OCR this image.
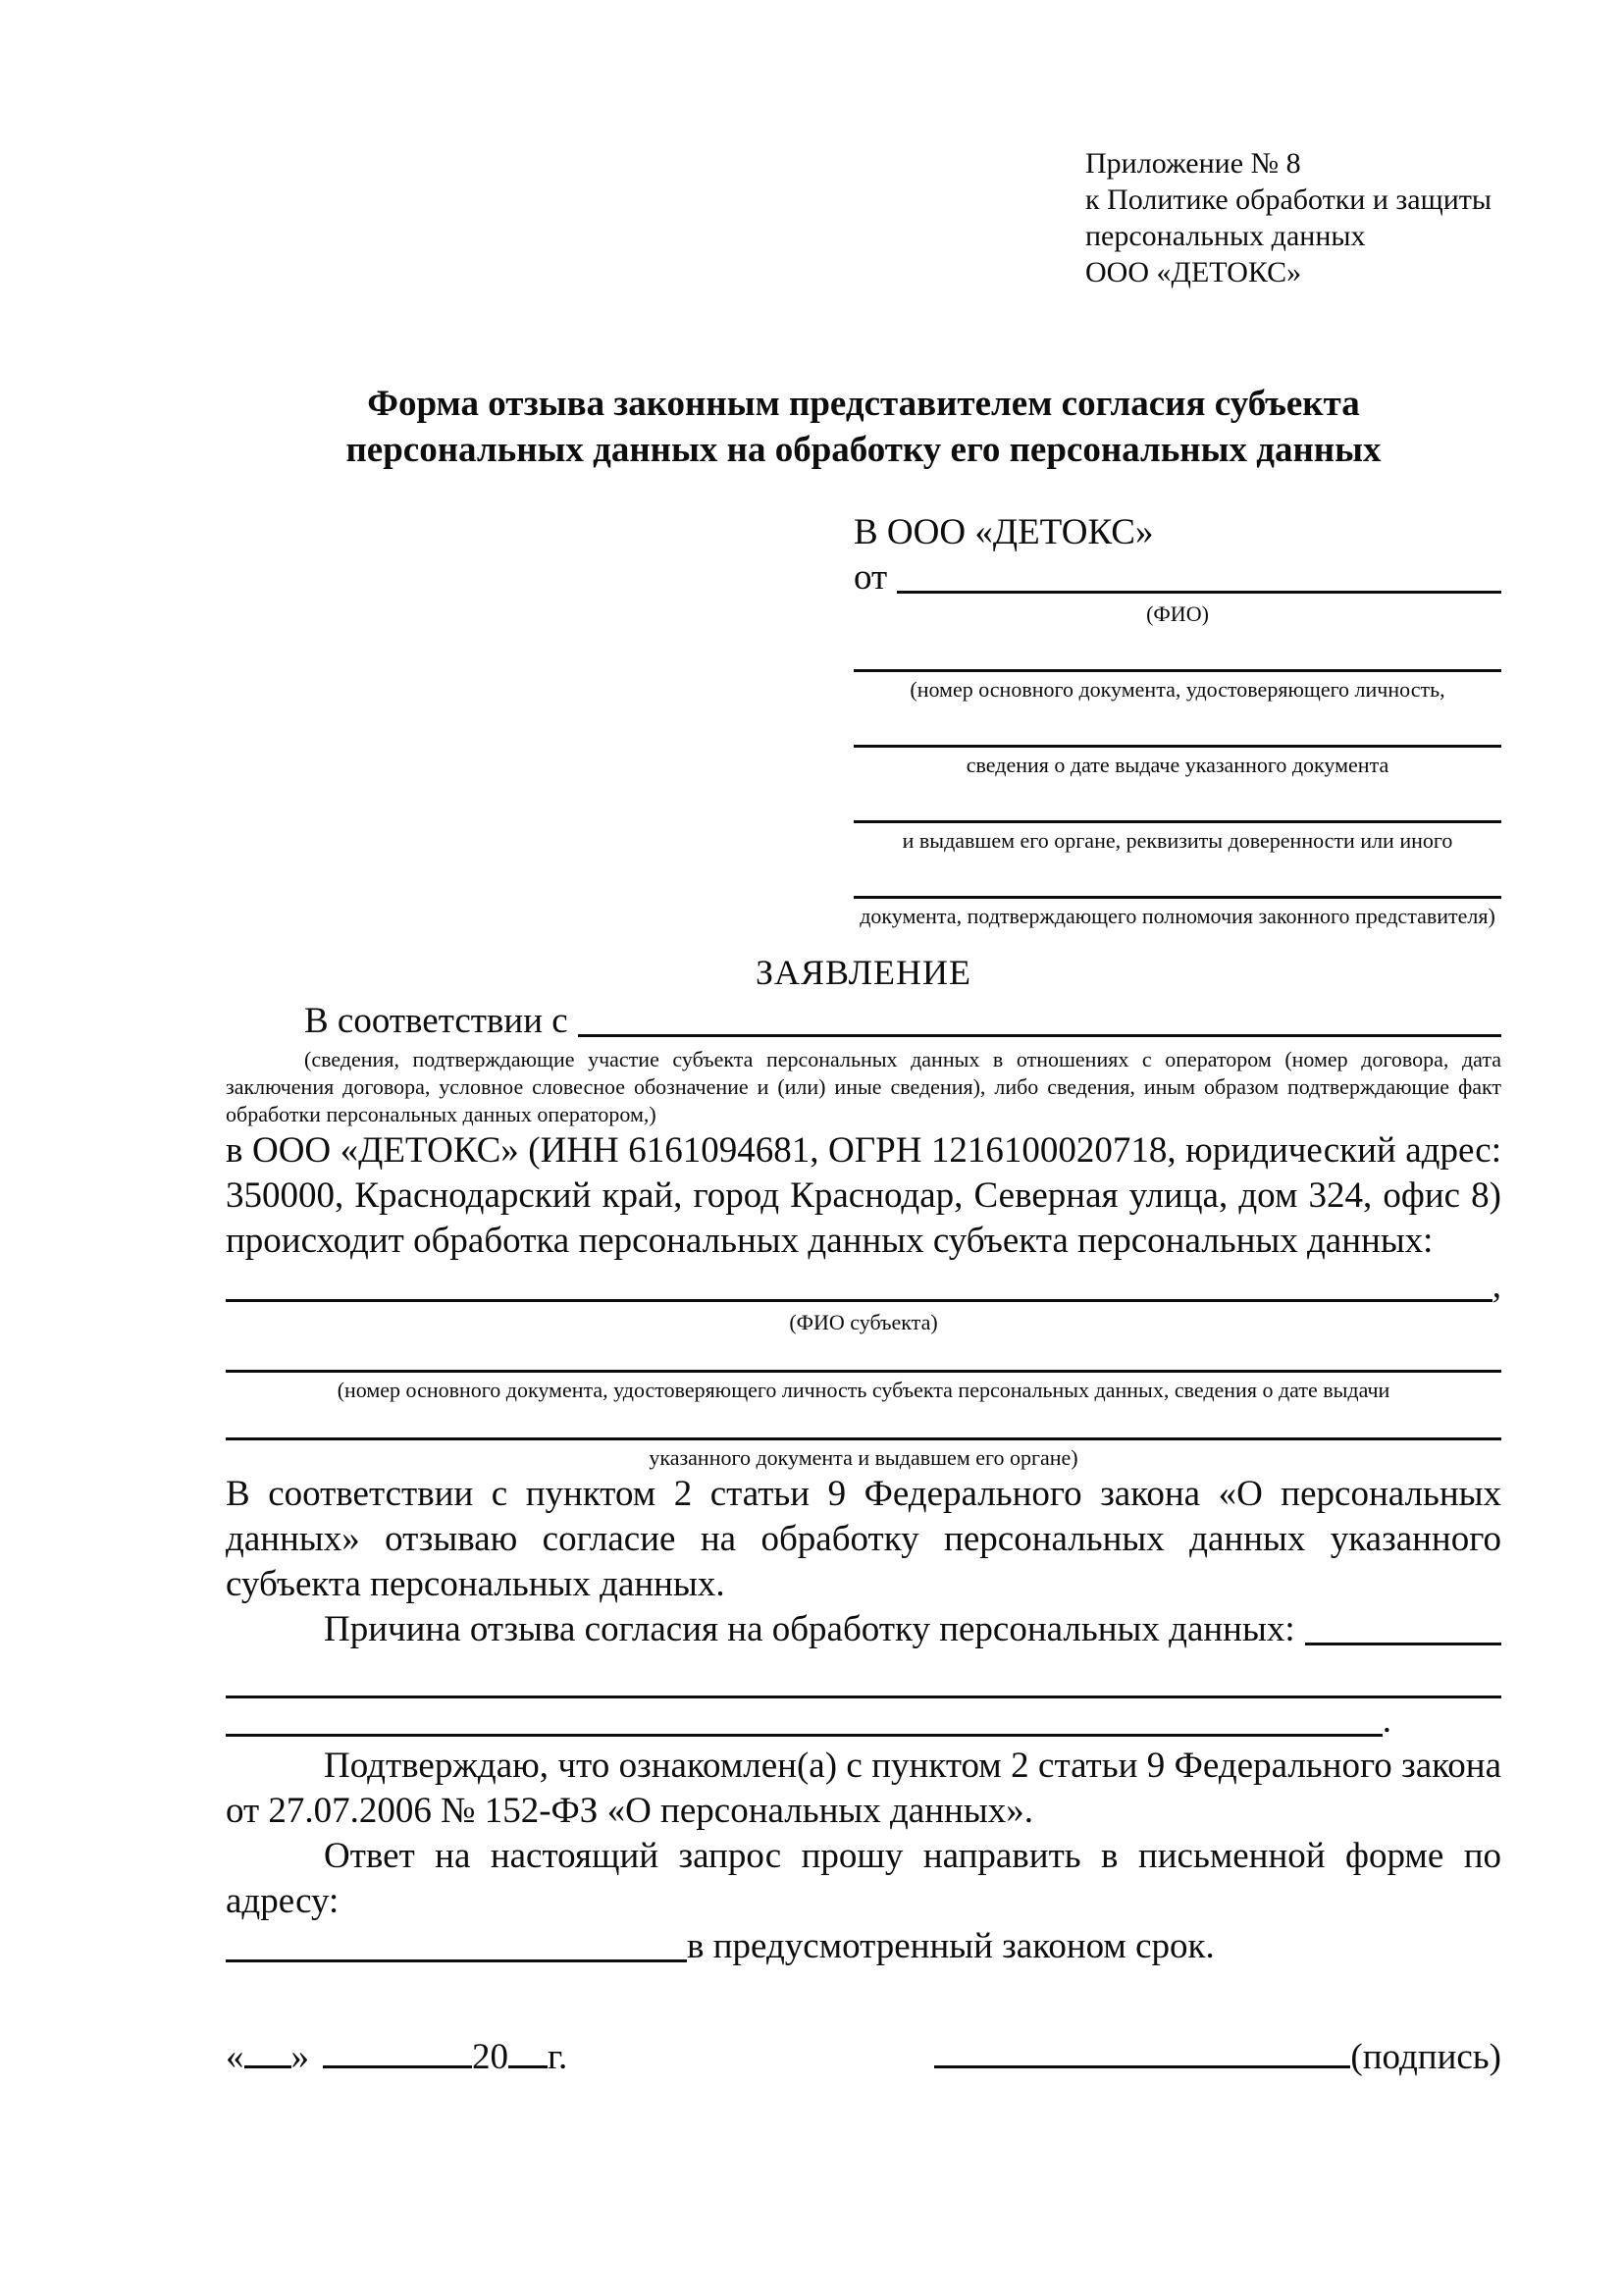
Приложение № 8
к Политике обработки и защиты
персональных данных
ООО «ДЕТОКС»
Форма отзыва законным представителем согласия субъекта
персональных данных на обработку его персональных данных
В ООО «ДЕТОКС»
от
(ФИО)
(номер основного документа, удостоверяющего личность,
сведения о дате выдаче указанного документа
и выдавшем его органе, реквизиты доверенности или иного
документа, подтверждающего полномочия законного представителя)
ЗАЯВЛЕНИЕ
В соответствии с

(сведения, подтверждающие участие субъекта персональных данных в отношениях с оператором (номер договора, дата заключения договора, условное словесное обозначение и (или) иные сведения), либо сведения, иным образом подтверждающие факт обработки персональных данных оператором,)

в ООО «ДЕТОКС» (ИНН 6161094681, ОГРН 1216100020718, юридический адрес: 350000, Краснодарский край, город Краснодар, Северная улица, дом 324, офис 8) происходит обработка персональных данных субъекта персональных данных:

,
(ФИО субъекта)
(номер основного документа, удостоверяющего личность субъекта персональных данных, сведения о дате выдачи
указанного документа и выдавшем его органе)

В соответствии с пунктом 2 статьи 9 Федерального закона «О персональных данных» отзываю согласие на обработку персональных данных указанного субъекта персональных данных.

Причина отзыва согласия на обработку персональных данных:
.

Подтверждаю, что ознакомлен(а) с пунктом 2 статьи 9 Федерального закона от 27.07.2006 № 152-ФЗ «О персональных данных».

Ответ на настоящий запрос прошу направить в письменной форме по адресу:

в предусмотренный законом срок.
« »	20 г.	(подпись)
